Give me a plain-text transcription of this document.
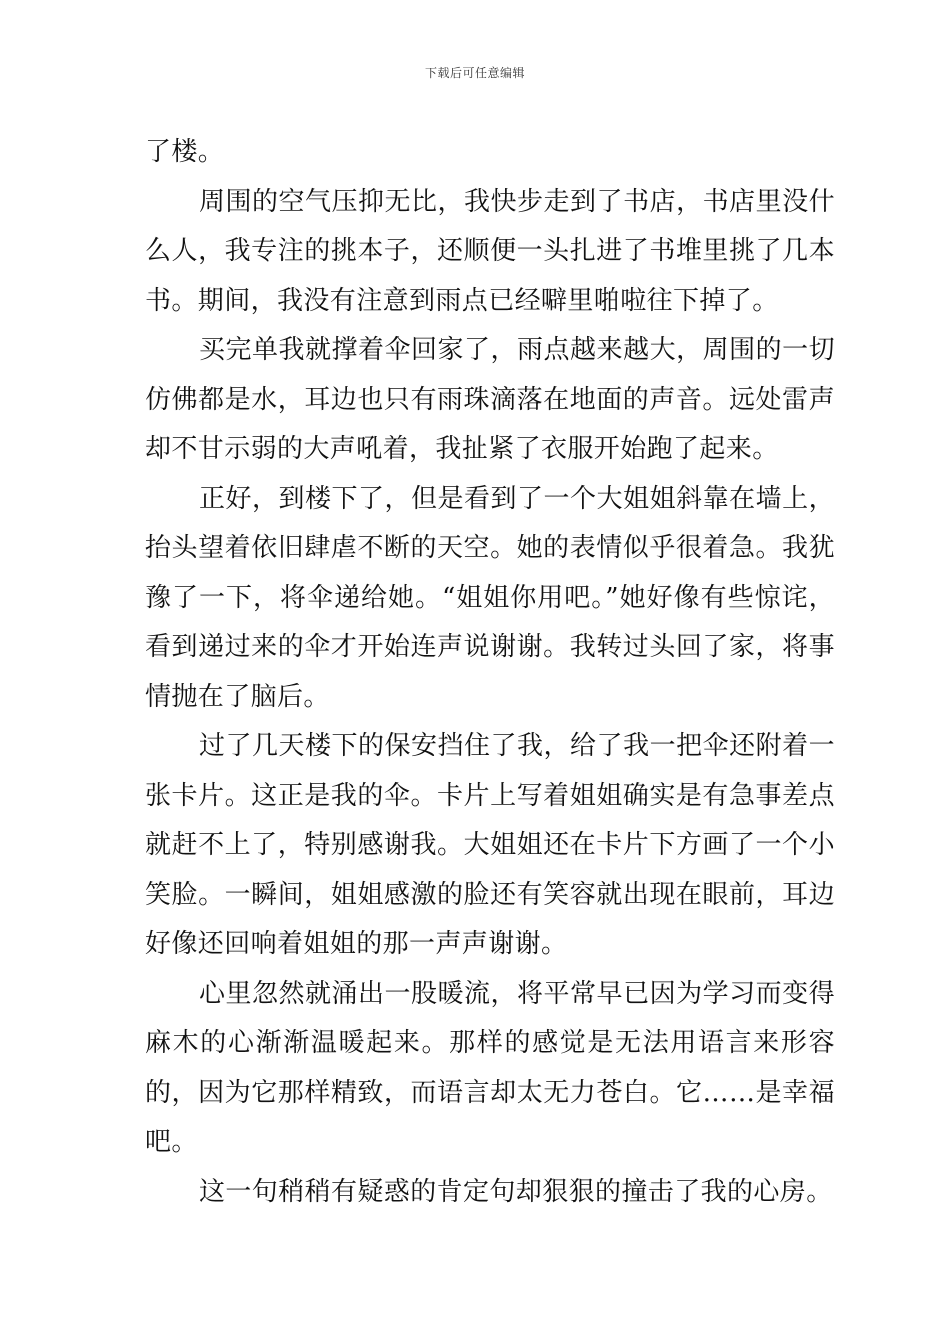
下载后可任意编辑

了楼。

周围的空气压抑无比，我快步走到了书店，书店里没什么人，我专注的挑本子，还顺便一头扎进了书堆里挑了几本书。期间，我没有注意到雨点已经噼里啪啦往下掉了。

买完单我就撑着伞回家了，雨点越来越大，周围的一切仿佛都是水，耳边也只有雨珠滴落在地面的声音。远处雷声却不甘示弱的大声吼着，我扯紧了衣服开始跑了起来。

正好，到楼下了，但是看到了一个大姐姐斜靠在墙上，抬头望着依旧肆虐不断的天空。她的表情似乎很着急。我犹豫了一下，将伞递给她。“姐姐你用吧。”她好像有些惊诧，看到递过来的伞才开始连声说谢谢。我转过头回了家，将事情抛在了脑后。

过了几天楼下的保安挡住了我，给了我一把伞还附着一张卡片。这正是我的伞。卡片上写着姐姐确实是有急事差点就赶不上了，特别感谢我。大姐姐还在卡片下方画了一个小笑脸。一瞬间，姐姐感激的脸还有笑容就出现在眼前，耳边好像还回响着姐姐的那一声声谢谢。

心里忽然就涌出一股暖流，将平常早已因为学习而变得麻木的心渐渐温暖起来。那样的感觉是无法用语言来形容的，因为它那样精致，而语言却太无力苍白。它……是幸福吧。

这一句稍稍有疑惑的肯定句却狠狠的撞击了我的心房。
